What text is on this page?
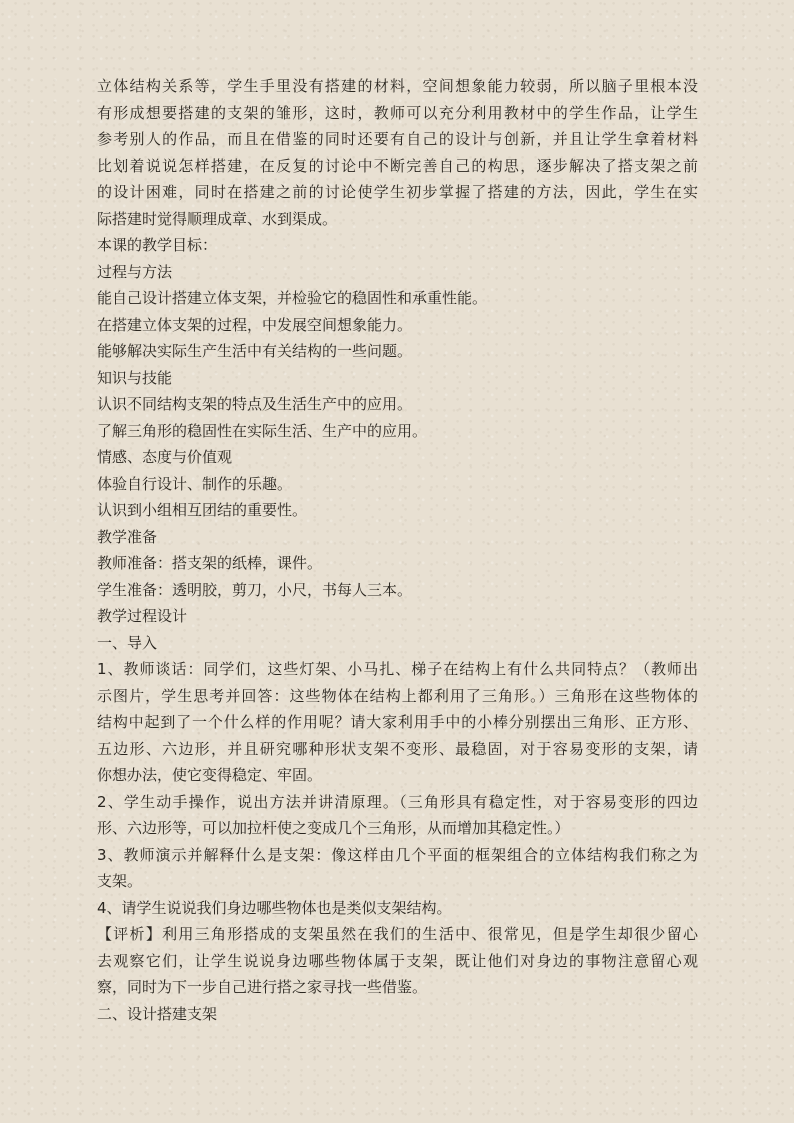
立体结构关系等，学生手里没有搭建的材料，空间想象能力较弱，所以脑子里根本没
有形成想要搭建的支架的雏形，这时，教师可以充分利用教材中的学生作品，让学生
参考别人的作品，而且在借鉴的同时还要有自己的设计与创新，并且让学生拿着材料
比划着说说怎样搭建，在反复的讨论中不断完善自己的构思，逐步解决了搭支架之前
的设计困难，同时在搭建之前的讨论使学生初步掌握了搭建的方法，因此，学生在实
际搭建时觉得顺理成章、水到渠成。
本课的教学目标：
过程与方法
能自己设计搭建立体支架，并检验它的稳固性和承重性能。
在搭建立体支架的过程，中发展空间想象能力。
能够解决实际生产生活中有关结构的一些问题。
知识与技能
认识不同结构支架的特点及生活生产中的应用。
了解三角形的稳固性在实际生活、生产中的应用。
情感、态度与价值观
体验自行设计、制作的乐趣。
认识到小组相互团结的重要性。
教学准备
教师准备：搭支架的纸棒，课件。
学生准备：透明胶，剪刀，小尺，书每人三本。
教学过程设计
一、导入
1、教师谈话：同学们，这些灯架、小马扎、梯子在结构上有什么共同特点？（教师出
示图片，学生思考并回答：这些物体在结构上都利用了三角形。）三角形在这些物体的
结构中起到了一个什么样的作用呢？请大家利用手中的小棒分别摆出三角形、正方形、
五边形、六边形，并且研究哪种形状支架不变形、最稳固，对于容易变形的支架，请
你想办法，使它变得稳定、牢固。
2、学生动手操作，说出方法并讲清原理。（三角形具有稳定性，对于容易变形的四边
形、六边形等，可以加拉杆使之变成几个三角形，从而增加其稳定性。）
3、教师演示并解释什么是支架：像这样由几个平面的框架组合的立体结构我们称之为
支架。
4、请学生说说我们身边哪些物体也是类似支架结构。
【评析】利用三角形搭成的支架虽然在我们的生活中、很常见，但是学生却很少留心
去观察它们，让学生说说身边哪些物体属于支架，既让他们对身边的事物注意留心观
察，同时为下一步自己进行搭之家寻找一些借鉴。
二、设计搭建支架
